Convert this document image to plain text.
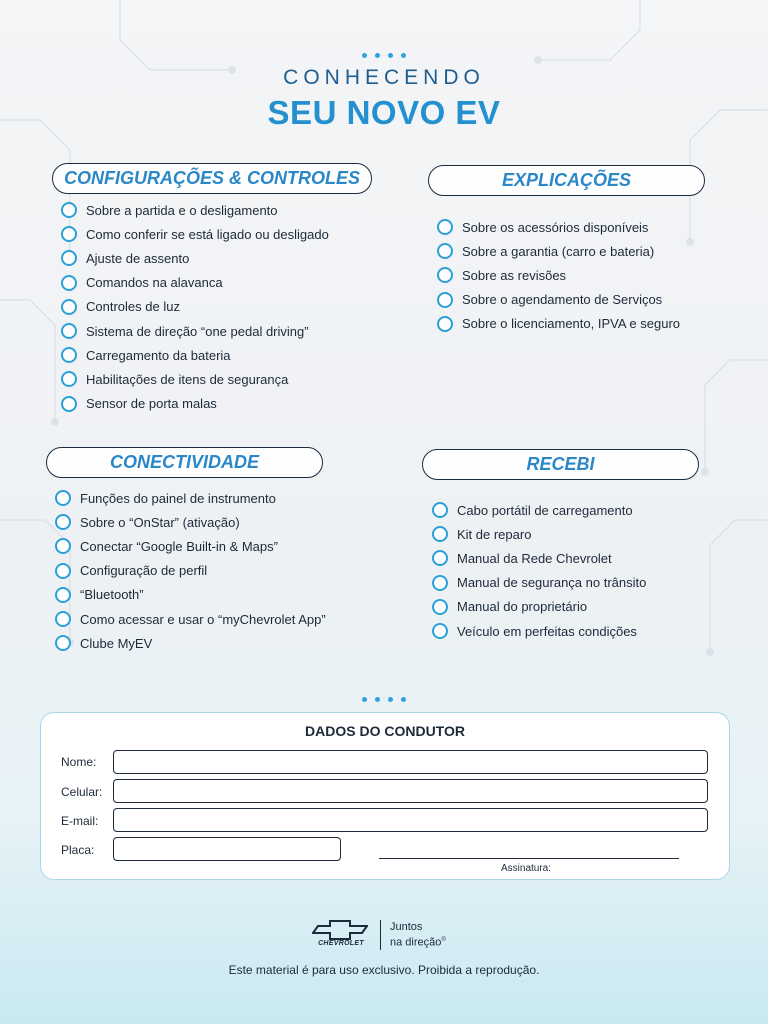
CONHECENDO
SEU NOVO EV
CONFIGURAÇÕES & CONTROLES
Sobre a partida e o desligamento
Como conferir se está ligado ou desligado
Ajuste de assento
Comandos na alavanca
Controles de luz
Sistema de direção “one pedal driving”
Carregamento da bateria
Habilitações de itens de segurança
Sensor de porta malas
EXPLICAÇÕES
Sobre os acessórios disponíveis
Sobre a garantia (carro e bateria)
Sobre as revisões
Sobre o agendamento de Serviços
Sobre o licenciamento, IPVA e seguro
CONECTIVIDADE
Funções do painel de instrumento
Sobre o “OnStar” (ativação)
Conectar “Google Built-in & Maps”
Configuração de perfil
“Bluetooth”
Como acessar e usar o “myChevrolet App”
Clube MyEV
RECEBI
Cabo portátil de carregamento
Kit de reparo
Manual da Rede Chevrolet
Manual de segurança no trânsito
Manual do proprietário
Veículo em perfeitas condições
DADOS DO CONDUTOR
Nome:
Celular:
E-mail:
Placa:
Assinatura:
CHEVROLET
Juntos
na direção®
Este material é para uso exclusivo. Proibida a reprodução.
